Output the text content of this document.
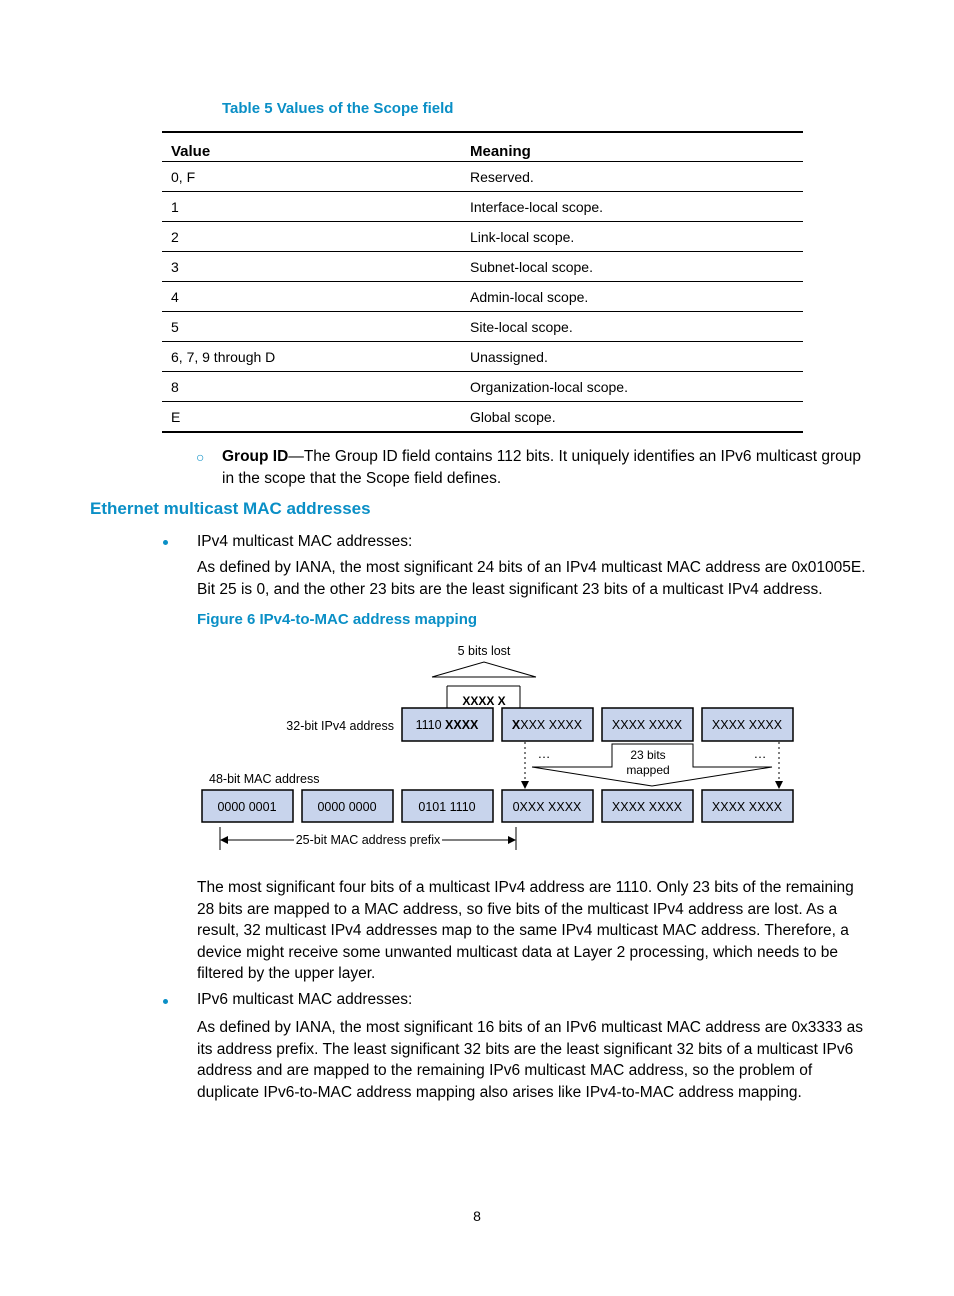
Table 5 Values of the Scope field
Value	Meaning
0, F	Reserved.
1	Interface-local scope.
2	Link-local scope.
3	Subnet-local scope.
4	Admin-local scope.
5	Site-local scope.
6, 7, 9 through D	Unassigned.
8	Organization-local scope.
E	Global scope.
○ Group ID—The Group ID field contains 112 bits. It uniquely identifies an IPv6 multicast group in the scope that the Scope field defines.
Ethernet multicast MAC addresses
IPv4 multicast MAC addresses:
As defined by IANA, the most significant 24 bits of an IPv4 multicast MAC address are 0x01005E. Bit 25 is 0, and the other 23 bits are the least significant 23 bits of a multicast IPv4 address.
Figure 6 IPv4-to-MAC address mapping
5 bits lost
XXXX X
32-bit IPv4 address 1110 XXXX	XXXX XXXX XXXX XXXX XXXX XXXX
…	…
23 bits
mapped
48-bit MAC address
0000 0001	0000 0000	0101 1110	0XXX XXXX XXXX XXXX XXXX XXXX
25-bit MAC address prefix
The most significant four bits of a multicast IPv4 address are 1110. Only 23 bits of the remaining 28 bits are mapped to a MAC address, so five bits of the multicast IPv4 address are lost. As a result, 32 multicast IPv4 addresses map to the same IPv4 multicast MAC address. Therefore, a device might receive some unwanted multicast data at Layer 2 processing, which needs to be filtered by the upper layer.
IPv6 multicast MAC addresses:
As defined by IANA, the most significant 16 bits of an IPv6 multicast MAC address are 0x3333 as its address prefix. The least significant 32 bits are the least significant 32 bits of a multicast IPv6 address and are mapped to the remaining IPv6 multicast MAC address, so the problem of duplicate IPv6-to-MAC address mapping also arises like IPv4-to-MAC address mapping.
8
